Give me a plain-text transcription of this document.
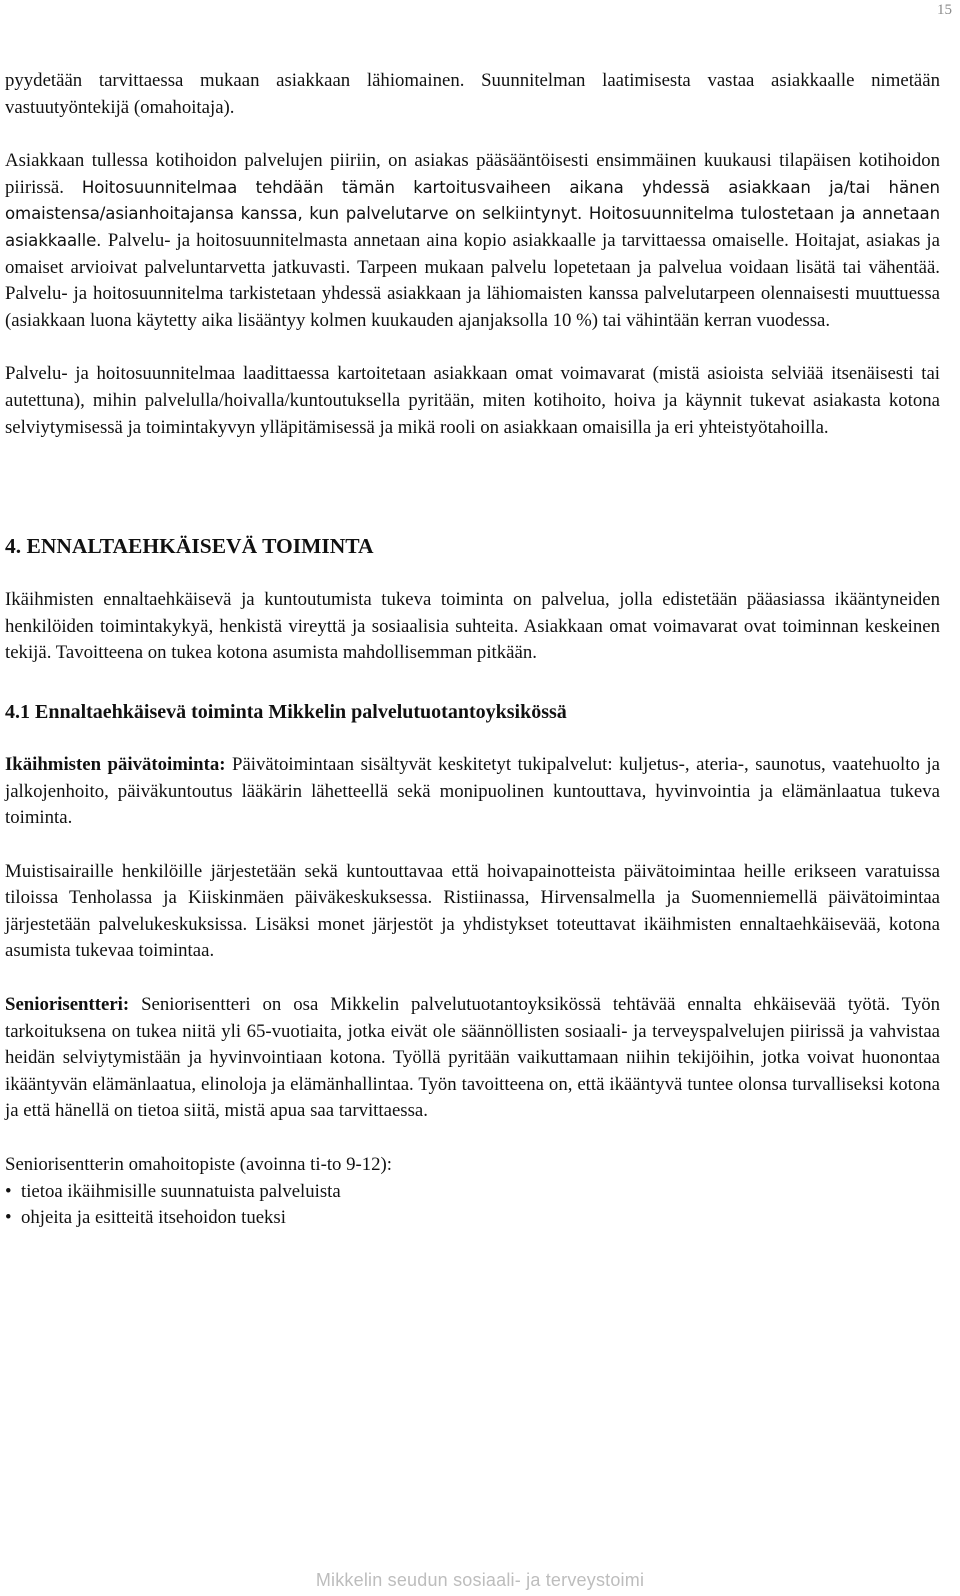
15

pyydetään tarvittaessa mukaan asiakkaan lähiomainen. Suunnitelman laatimisesta vastaa asiakkaalle nimetään vastuutyöntekijä (omahoitaja).

Asiakkaan tullessa kotihoidon palvelujen piiriin, on asiakas pääsääntöisesti ensimmäinen kuukausi tilapäisen kotihoidon piirissä. Hoitosuunnitelmaa tehdään tämän kartoitusvaiheen aikana yhdessä asiakkaan ja/tai hänen omaistensa/asianhoitajansa kanssa, kun palvelutarve on selkiintynyt. Hoitosuunnitelma tulostetaan ja annetaan asiakkaalle. Palvelu- ja hoitosuunnitelmasta annetaan aina kopio asiakkaalle ja tarvittaessa omaiselle. Hoitajat, asiakas ja omaiset arvioivat palveluntarvetta jatkuvasti. Tarpeen mukaan palvelu lopetetaan ja palvelua voidaan lisätä tai vähentää. Palvelu- ja hoitosuunnitelma tarkistetaan yhdessä asiakkaan ja lähiomaisten kanssa palvelutarpeen olennaisesti muuttuessa (asiakkaan luona käytetty aika lisääntyy kolmen kuukauden ajanjaksolla 10 %) tai vähintään kerran vuodessa.

Palvelu- ja hoitosuunnitelmaa laadittaessa kartoitetaan asiakkaan omat voimavarat (mistä asioista selviää itsenäisesti tai autettuna), mihin palvelulla/hoivalla/kuntoutuksella pyritään, miten kotihoito, hoiva ja käynnit tukevat asiakasta kotona selviytymisessä ja toimintakyvyn ylläpitämisessä ja mikä rooli on asiakkaan omaisilla ja eri yhteistyötahoilla.

4. ENNALTAEHKÄISEVÄ TOIMINTA

Ikäihmisten ennaltaehkäisevä ja kuntoutumista tukeva toiminta on palvelua, jolla edistetään pääasiassa ikääntyneiden henkilöiden toimintakykyä, henkistä vireyttä ja sosiaalisia suhteita. Asiakkaan omat voimavarat ovat toiminnan keskeinen tekijä. Tavoitteena on tukea kotona asumista mahdollisemman pitkään.

4.1 Ennaltaehkäisevä toiminta Mikkelin palvelutuotantoyksikössä

Ikäihmisten päivätoiminta: Päivätoimintaan sisältyvät keskitetyt tukipalvelut: kuljetus-, ateria-, saunotus, vaatehuolto ja jalkojenhoito, päiväkuntoutus lääkärin lähetteellä sekä monipuolinen kuntouttava, hyvinvointia ja elämänlaatua tukeva toiminta.

Muistisairaille henkilöille järjestetään sekä kuntouttavaa että hoivapainotteista päivätoimintaa heille erikseen varatuissa tiloissa Tenholassa ja Kiiskinmäen päiväkeskuksessa. Ristiinassa, Hirvensalmella ja Suomenniemellä päivätoimintaa järjestetään palvelukeskuksissa. Lisäksi monet järjestöt ja yhdistykset toteuttavat ikäihmisten ennaltaehkäisevää, kotona asumista tukevaa toimintaa.

Seniorisentteri: Seniorisentteri on osa Mikkelin palvelutuotantoyksikössä tehtävää ennalta ehkäisevää työtä. Työn tarkoituksena on tukea niitä yli 65-vuotiaita, jotka eivät ole säännöllisten sosiaali- ja terveyspalvelujen piirissä ja vahvistaa heidän selviytymistään ja hyvinvointiaan kotona. Työllä pyritään vaikuttamaan niihin tekijöihin, jotka voivat huonontaa ikääntyvän elämänlaatua, elinoloja ja elämänhallintaa. Työn tavoitteena on, että ikääntyvä tuntee olonsa turvalliseksi kotona ja että hänellä on tietoa siitä, mistä apua saa tarvittaessa.

Seniorisentterin omahoitopiste (avoinna ti-to 9-12):

• tietoa ikäihmisille suunnatuista palveluista
• ohjeita ja esitteitä itsehoidon tueksi
Mikkelin seudun sosiaali- ja terveystoimi
